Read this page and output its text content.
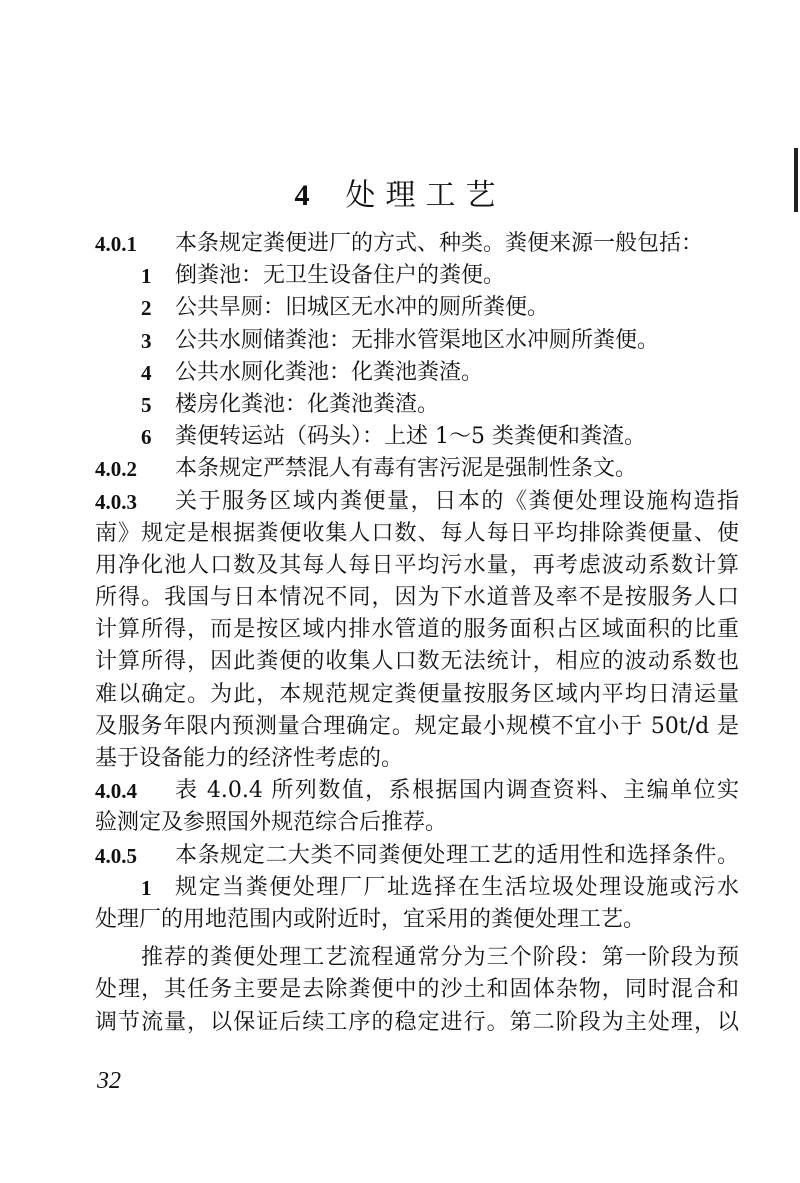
4 处理工艺
4.0.1 本条规定粪便进厂的方式、种类。粪便来源一般包括：
1 倒粪池：无卫生设备住户的粪便。
2 公共旱厕：旧城区无水冲的厕所粪便。
3 公共水厕储粪池：无排水管渠地区水冲厕所粪便。
4 公共水厕化粪池：化粪池粪渣。
5 楼房化粪池：化粪池粪渣。
6 粪便转运站（码头）：上述 1～5 类粪便和粪渣。
4.0.2 本条规定严禁混人有毒有害污泥是强制性条文。
4.0.3 关于服务区域内粪便量，日本的《粪便处理设施构造指
南》规定是根据粪便收集人口数、每人每日平均排除粪便量、使
用净化池人口数及其每人每日平均污水量，再考虑波动系数计算
所得。我国与日本情况不同，因为下水道普及率不是按服务人口
计算所得，而是按区域内排水管道的服务面积占区域面积的比重
计算所得，因此粪便的收集人口数无法统计，相应的波动系数也
难以确定。为此，本规范规定粪便量按服务区域内平均日清运量
及服务年限内预测量合理确定。规定最小规模不宜小于 50t/d 是
基于设备能力的经济性考虑的。
4.0.4 表 4.0.4 所列数值，系根据国内调查资料、主编单位实
验测定及参照国外规范综合后推荐。
4.0.5 本条规定二大类不同粪便处理工艺的适用性和选择条件。
1 规定当粪便处理厂厂址选择在生活垃圾处理设施或污水
处理厂的用地范围内或附近时，宜采用的粪便处理工艺。
推荐的粪便处理工艺流程通常分为三个阶段：第一阶段为预
处理，其任务主要是去除粪便中的沙土和固体杂物，同时混合和
调节流量，以保证后续工序的稳定进行。第二阶段为主处理，以
32
